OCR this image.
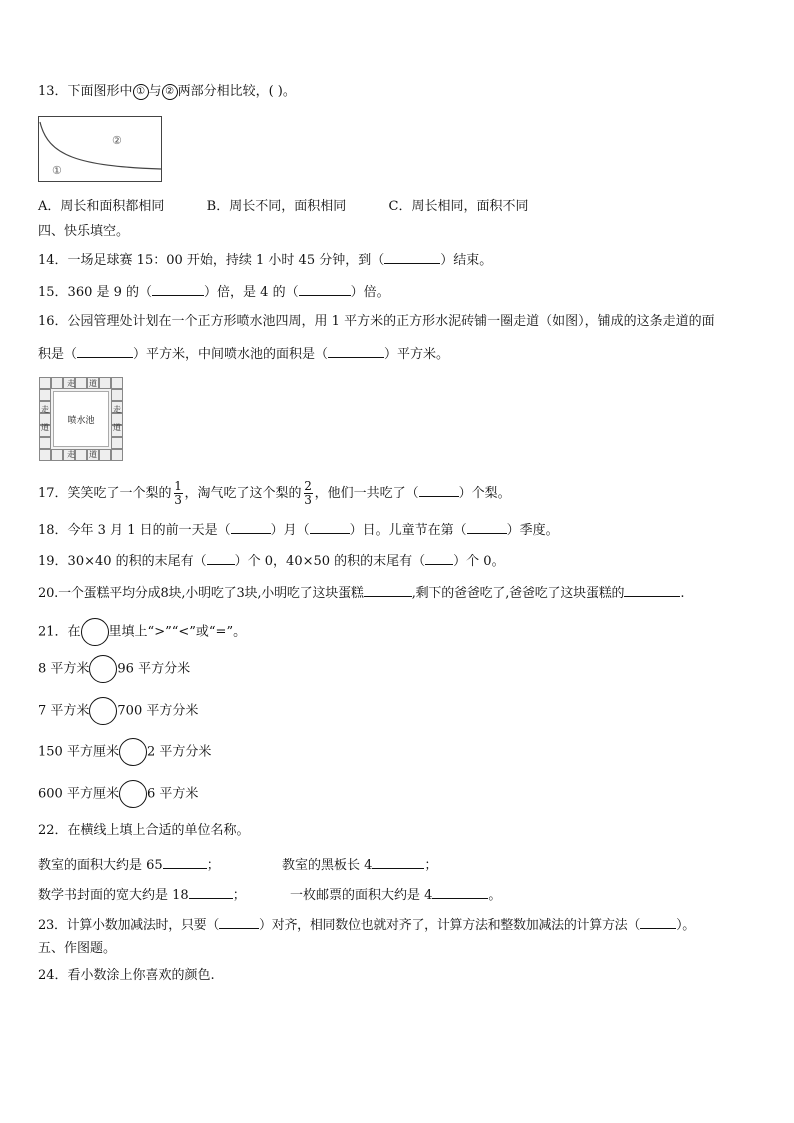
13．下面图形中 ① 与 ② 两部分相比较，( )。
②
①
A．周长和面积都相同	B．周长不同，面积相同	C．周长相同，面积不同
四、快乐填空。
14．一场足球赛 15：00 开始，持续 1 小时 45 分钟，到（	）结束。
15．360 是 9 的（	）倍，是 4 的（	）倍。
16．公园管理处计划在一个正方形喷水池四周，用 1 平方米的正方形水泥砖铺一圈走道（如图），铺成的这条走道的面
积是（	）平方米，中间喷水池的面积是（	）平方米。
走 道
走 道
走
道
走
道
喷水池
17．笑笑吃了一个梨的 $\frac{1}{3}$ ，淘气吃了这个梨的 $\frac{2}{3}$ ，他们一共吃了（	）个梨。
18．今年 3 月 1 日的前一天是（	）月（	）日。儿童节在第（	）季度。
19．30×40 的积的末尾有（ ）个 0，40×50 的积的末尾有（ ）个 0。
20.一个蛋糕平均分成8块,小明吃了3块,小明吃了这块蛋糕	,剩下的爸爸吃了,爸爸吃了这块蛋糕的	.
21．在 里填上“>”“<”或“=”。
8 平方米 96 平方分米
7 平方米 700 平方分米
150 平方厘米 2 平方分米
600 平方厘米 6 平方米
22．在横线上填上合适的单位名称。
教室的面积大约是 65	；	教室的黑板长 4	；
数学书封面的宽大约是 18	；	一枚邮票的面积大约是 4	。
23．计算小数加减法时，只要（	）对齐，相同数位也就对齐了，计算方法和整数加减法的计算方法（	）。
五、作图题。
24．看小数涂上你喜欢的颜色.
